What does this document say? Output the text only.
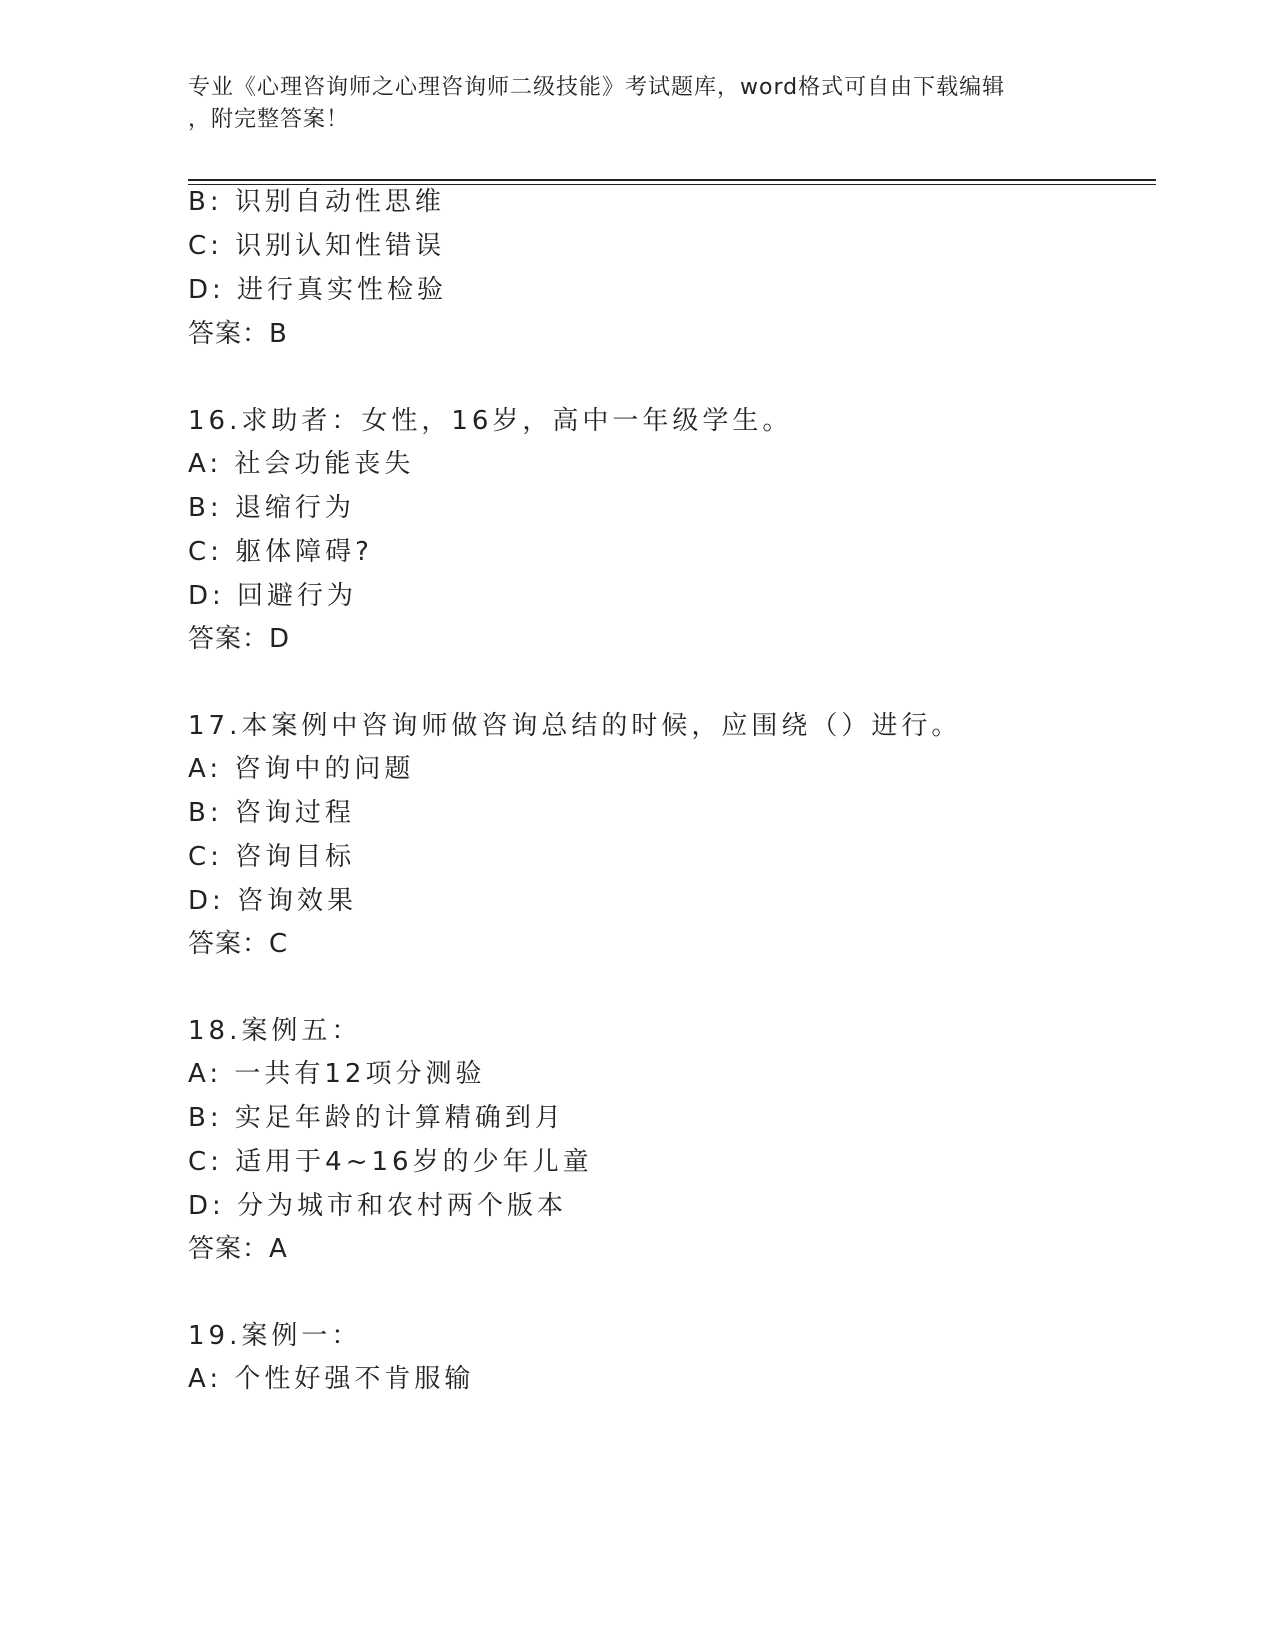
专业《心理咨询师之心理咨询师二级技能》考试题库，word格式可自由下载编辑
，附完整答案！
B: 识别自动性思维
C: 识别认知性错误
D: 进行真实性检验
答案：B
16.求助者：女性，16岁，高中一年级学生。
A: 社会功能丧失
B: 退缩行为
C: 躯体障碍?
D: 回避行为
答案：D
17.本案例中咨询师做咨询总结的时候，应围绕（）进行。
A: 咨询中的问题
B: 咨询过程
C: 咨询目标
D: 咨询效果
答案：C
18.案例五：
A: 一共有12项分测验
B: 实足年龄的计算精确到月
C: 适用于4~16岁的少年儿童
D: 分为城市和农村两个版本
答案：A
19.案例一：
A: 个性好强不肯服输
